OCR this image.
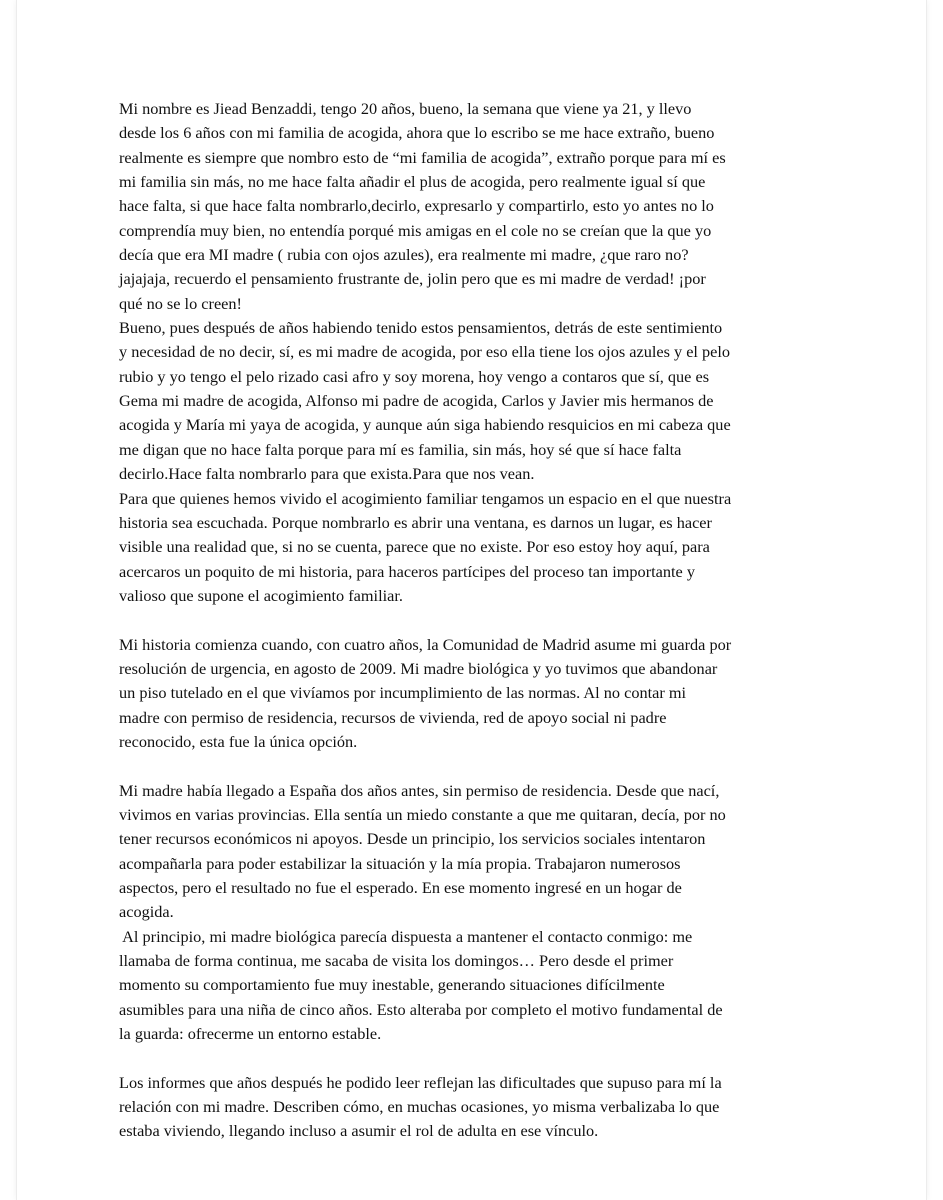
Mi nombre es Jiead Benzaddi, tengo 20 años, bueno, la semana que viene ya 21, y llevo

desde los 6 años con mi familia de acogida, ahora que lo escribo se me hace extraño, bueno

realmente es siempre que nombro esto de “mi familia de acogida”, extraño porque para mí es

mi familia sin más, no me hace falta añadir el plus de acogida, pero realmente igual sí que

hace falta, si que hace falta nombrarlo,decirlo, expresarlo y compartirlo, esto yo antes no lo

comprendía muy bien, no entendía porqué mis amigas en el cole no se creían que la que yo

decía que era MI madre ( rubia con ojos azules), era realmente mi madre, ¿que raro no?

jajajaja, recuerdo el pensamiento frustrante de, jolin pero que es mi madre de verdad! ¡por

qué no se lo creen!

Bueno, pues después de años habiendo tenido estos pensamientos, detrás de este sentimiento

y necesidad de no decir, sí, es mi madre de acogida, por eso ella tiene los ojos azules y el pelo

rubio y yo tengo el pelo rizado casi afro y soy morena, hoy vengo a contaros que sí, que es

Gema mi madre de acogida, Alfonso mi padre de acogida, Carlos y Javier mis hermanos de

acogida y María mi yaya de acogida, y aunque aún siga habiendo resquicios en mi cabeza que

me digan que no hace falta porque para mí es familia, sin más, hoy sé que sí hace falta

decirlo.Hace falta nombrarlo para que exista.Para que nos vean.

Para que quienes hemos vivido el acogimiento familiar tengamos un espacio en el que nuestra

historia sea escuchada. Porque nombrarlo es abrir una ventana, es darnos un lugar, es hacer

visible una realidad que, si no se cuenta, parece que no existe. Por eso estoy hoy aquí, para

acercaros un poquito de mi historia, para haceros partícipes del proceso tan importante y

valioso que supone el acogimiento familiar.

Mi historia comienza cuando, con cuatro años, la Comunidad de Madrid asume mi guarda por

resolución de urgencia, en agosto de 2009. Mi madre biológica y yo tuvimos que abandonar

un piso tutelado en el que vivíamos por incumplimiento de las normas. Al no contar mi

madre con permiso de residencia, recursos de vivienda, red de apoyo social ni padre

reconocido, esta fue la única opción.

Mi madre había llegado a España dos años antes, sin permiso de residencia. Desde que nací,

vivimos en varias provincias. Ella sentía un miedo constante a que me quitaran, decía, por no

tener recursos económicos ni apoyos. Desde un principio, los servicios sociales intentaron

acompañarla para poder estabilizar la situación y la mía propia. Trabajaron numerosos

aspectos, pero el resultado no fue el esperado. En ese momento ingresé en un hogar de

acogida.

Al principio, mi madre biológica parecía dispuesta a mantener el contacto conmigo: me

llamaba de forma continua, me sacaba de visita los domingos… Pero desde el primer

momento su comportamiento fue muy inestable, generando situaciones difícilmente

asumibles para una niña de cinco años. Esto alteraba por completo el motivo fundamental de

la guarda: ofrecerme un entorno estable.

Los informes que años después he podido leer reflejan las dificultades que supuso para mí la

relación con mi madre. Describen cómo, en muchas ocasiones, yo misma verbalizaba lo que

estaba viviendo, llegando incluso a asumir el rol de adulta en ese vínculo.
